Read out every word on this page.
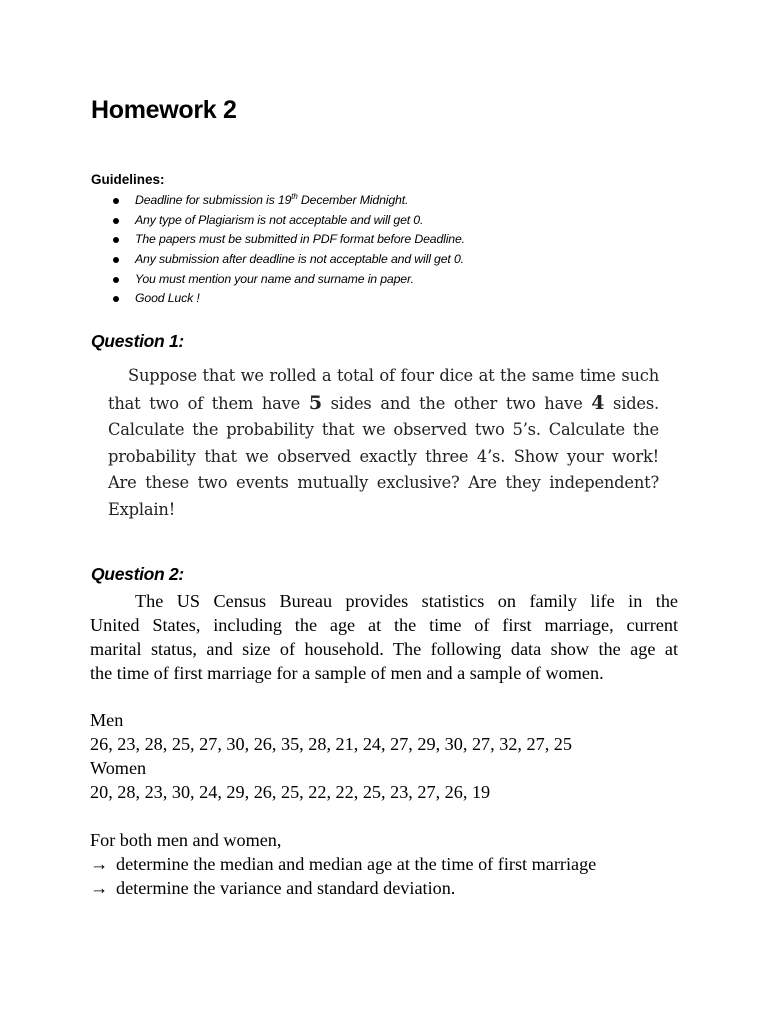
Homework 2
Guidelines:
Deadline for submission is 19th December Midnight.
Any type of Plagiarism is not acceptable and will get 0.
The papers must be submitted in PDF format before Deadline.
Any submission after deadline is not acceptable and will get 0.
You must mention your name and surname in paper.
Good Luck !
Question 1:

Suppose that we rolled a total of four dice at the same time such
that two of them have 5 sides and the other two have 4 sides.
Calculate the probability that we observed two 5’s. Calculate the
probability that we observed exactly three 4’s. Show your work!
Are these two events mutually exclusive? Are they independent?
Explain!

Question 2:

The US Census Bureau provides statistics on family life in the
United States, including the age at the time of first marriage, current
marital status, and size of household. The following data show the age at
the time of first marriage for a sample of men and a sample of women.

Men
26, 23, 28, 25, 27, 30, 26, 35, 28, 21, 24, 27, 29, 30, 27, 32, 27, 25
Women
20, 28, 23, 30, 24, 29, 26, 25, 22, 22, 25, 23, 27, 26, 19
For both men and women,
→ determine the median and median age at the time of first marriage
→ determine the variance and standard deviation.
